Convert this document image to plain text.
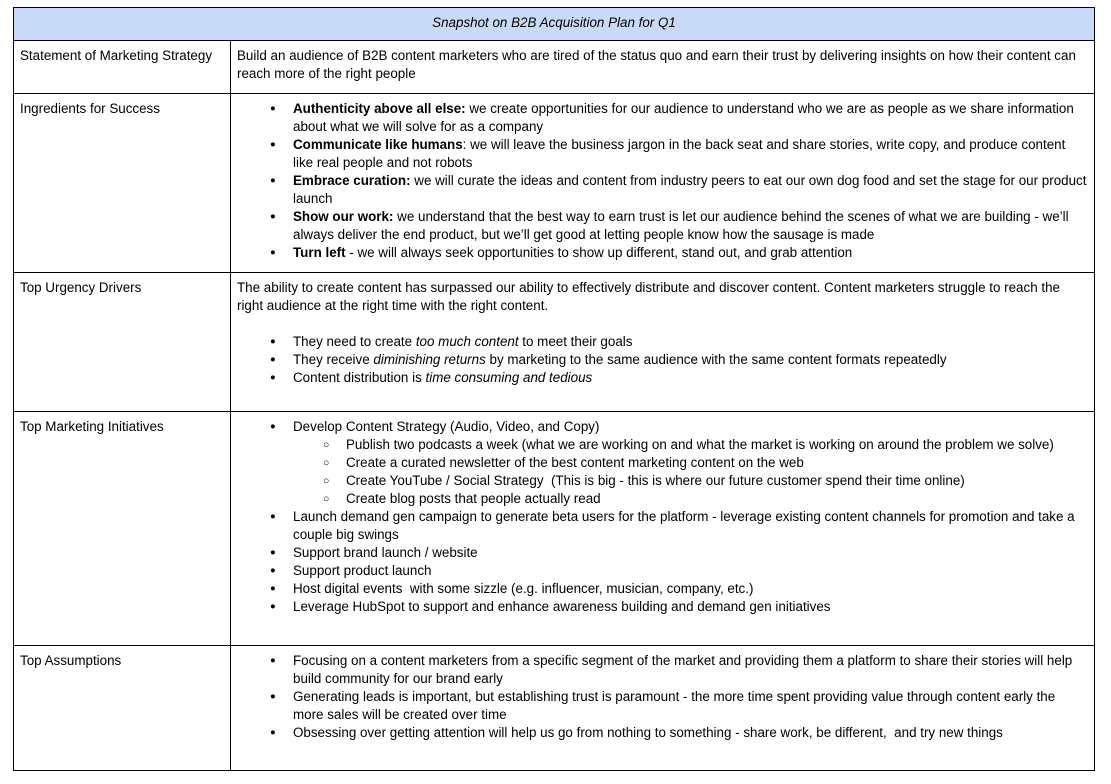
Snapshot on B2B Acquisition Plan for Q1	
Statement of Marketing Strategy	Build an audience of B2B content marketers who are tired of the status quo and earn their trust by delivering insights on how their content can reach more of the right people

Ingredients for Success	
●Authenticity above all else: we create opportunities for our audience to understand who we are as people as we share information about what we will solve for as a company
● Communicate like humans: we will leave the business jargon in the back seat and share stories, write copy, and produce content like real people and not robots
● Embrace curation: we will curate the ideas and content from industry peers to eat our own dog food and set the stage for our product launch
● Show our work: we understand that the best way to earn trust is let our audience behind the scenes of what we are building - we’ll always deliver the end product, but we’ll get good at letting people know how the sausage is made
● Turn left - we will always seek opportunities to show up different, stand out, and grab attention

Top Urgency Drivers	The ability to create content has surpassed our ability to effectively distribute and discover content. Content marketers struggle to reach the right audience at the right time with the right content.
● They need to create too much content to meet their goals
● They receive diminishing returns by marketing to the same audience with the same content formats repeatedly
● Content distribution is time consuming and tedious

Top Marketing Initiatives	
●Develop Content Strategy (Audio, Video, and Copy)
○ Publish two podcasts a week (what we are working on and what the market is working on around the problem we solve)
○ Create a curated newsletter of the best content marketing content on the web
○ Create YouTube / Social Strategy  (This is big - this is where our future customer spend their time online)
○ Create blog posts that people actually read
● Launch demand gen campaign to generate beta users for the platform - leverage existing content channels for promotion and take a couple big swings
● Support brand launch / website
● Support product launch
● Host digital events  with some sizzle (e.g. influencer, musician, company, etc.)
● Leverage HubSpot to support and enhance awareness building and demand gen initiatives

Top Assumptions	
●Focusing on a content marketers from a specific segment of the market and providing them a platform to share their stories will help build community for our brand early
● Generating leads is important, but establishing trust is paramount - the more time spent providing value through content early the more sales will be created over time
● Obsessing over getting attention will help us go from nothing to something - share work, be different,  and try new things
